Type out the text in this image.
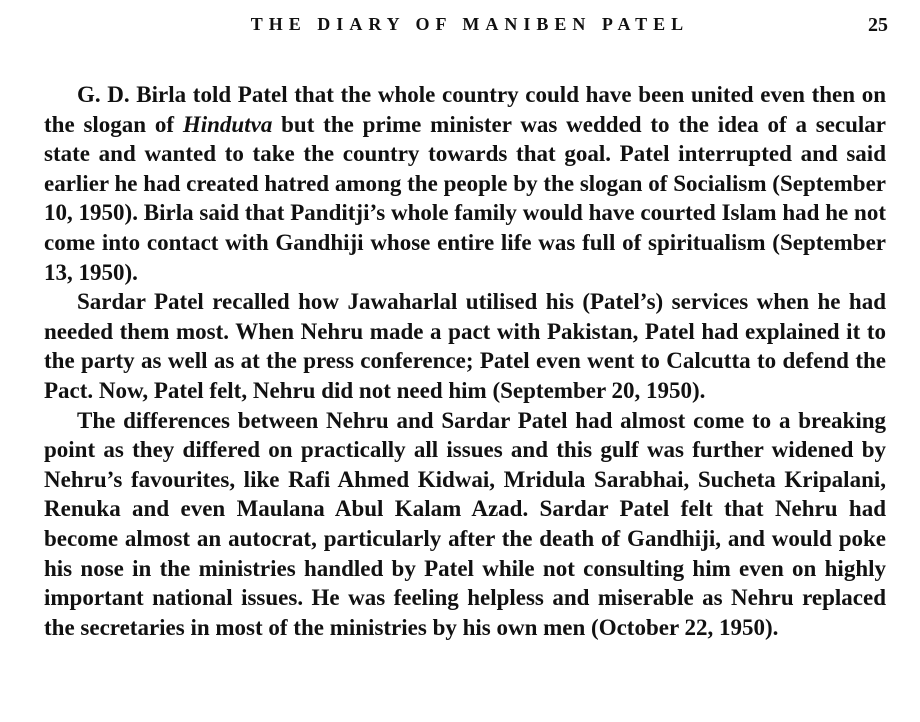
THE DIARY OF MANIBEN PATEL	25

G. D. Birla told Patel that the whole country could have been united even then on the slogan of Hindutva but the prime minister was wedded to the idea of a secular state and wanted to take the country towards that goal. Patel interrupted and said earlier he had created hatred among the people by the slogan of Socialism (September 10, 1950). Birla said that Panditji’s whole family would have courted Islam had he not come into contact with Gandhiji whose entire life was full of spiritualism (September 13, 1950).

Sardar Patel recalled how Jawaharlal utilised his (Patel’s) services when he had needed them most. When Nehru made a pact with Pakistan, Patel had explained it to the party as well as at the press conference; Patel even went to Calcutta to defend the Pact. Now, Patel felt, Nehru did not need him (September 20, 1950).

The differences between Nehru and Sardar Patel had almost come to a breaking point as they differed on practically all issues and this gulf was further widened by Nehru’s favourites, like Rafi Ahmed Kidwai, Mridula Sarabhai, Sucheta Kripalani, Renuka and even Maulana Abul Kalam Azad. Sardar Patel felt that Nehru had become almost an autocrat, particularly after the death of Gandhiji, and would poke his nose in the ministries handled by Patel while not consulting him even on highly important national issues. He was feeling helpless and miserable as Nehru replaced the secretaries in most of the ministries by his own men (October 22, 1950).
